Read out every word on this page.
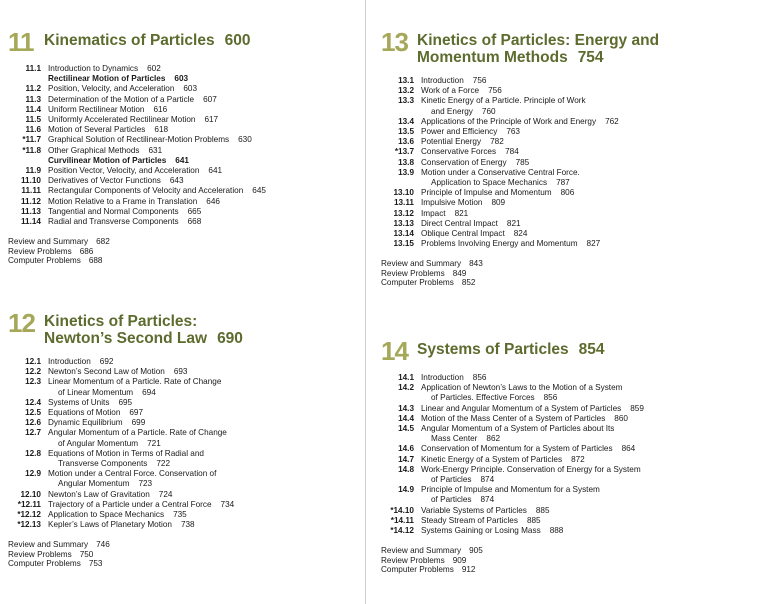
11 Kinematics of Particles 600
11.1 Introduction to Dynamics 602
Rectilinear Motion of Particles 603
11.2 Position, Velocity, and Acceleration 603
11.3 Determination of the Motion of a Particle 607
11.4 Uniform Rectilinear Motion 616
11.5 Uniformly Accelerated Rectilinear Motion 617
11.6 Motion of Several Particles 618
*11.7 Graphical Solution of Rectilinear-Motion Problems 630
*11.8 Other Graphical Methods 631
Curvilinear Motion of Particles 641
11.9 Position Vector, Velocity, and Acceleration 641
11.10 Derivatives of Vector Functions 643
11.11 Rectangular Components of Velocity and Acceleration 645
11.12 Motion Relative to a Frame in Translation 646
11.13 Tangential and Normal Components 665
11.14 Radial and Transverse Components 668
Review and Summary 682
Review Problems 686
Computer Problems 688
12 Kinetics of Particles:
Newton’s Second Law 690
12.1 Introduction 692
12.2 Newton’s Second Law of Motion 693
12.3 Linear Momentum of a Particle. Rate of Change
of Linear Momentum 694
12.4 Systems of Units 695
12.5 Equations of Motion 697
12.6 Dynamic Equilibrium 699
12.7 Angular Momentum of a Particle. Rate of Change
of Angular Momentum 721
12.8 Equations of Motion in Terms of Radial and
Transverse Components 722
12.9 Motion under a Central Force. Conservation of
Angular Momentum 723
12.10 Newton’s Law of Gravitation 724
*12.11 Trajectory of a Particle under a Central Force 734
*12.12 Application to Space Mechanics 735
*12.13 Kepler’s Laws of Planetary Motion 738
Review and Summary 746
Review Problems 750
Computer Problems 753
13 Kinetics of Particles: Energy and
Momentum Methods 754
13.1 Introduction 756
13.2 Work of a Force 756
13.3 Kinetic Energy of a Particle. Principle of Work
and Energy 760
13.4 Applications of the Principle of Work and Energy 762
13.5 Power and Efficiency 763
13.6 Potential Energy 782
*13.7 Conservative Forces 784
13.8 Conservation of Energy 785
13.9 Motion under a Conservative Central Force.
Application to Space Mechanics 787
13.10 Principle of Impulse and Momentum 806
13.11 Impulsive Motion 809
13.12 Impact 821
13.13 Direct Central Impact 821
13.14 Oblique Central Impact 824
13.15 Problems Involving Energy and Momentum 827
Review and Summary 843
Review Problems 849
Computer Problems 852
14 Systems of Particles 854
14.1 Introduction 856
14.2 Application of Newton’s Laws to the Motion of a System
of Particles. Effective Forces 856
14.3 Linear and Angular Momentum of a System of Particles 859
14.4 Motion of the Mass Center of a System of Particles 860
14.5 Angular Momentum of a System of Particles about Its
Mass Center 862
14.6 Conservation of Momentum for a System of Particles 864
14.7 Kinetic Energy of a System of Particles 872
14.8 Work-Energy Principle. Conservation of Energy for a System
of Particles 874
14.9 Principle of Impulse and Momentum for a System
of Particles 874
*14.10 Variable Systems of Particles 885
*14.11 Steady Stream of Particles 885
*14.12 Systems Gaining or Losing Mass 888
Review and Summary 905
Review Problems 909
Computer Problems 912
